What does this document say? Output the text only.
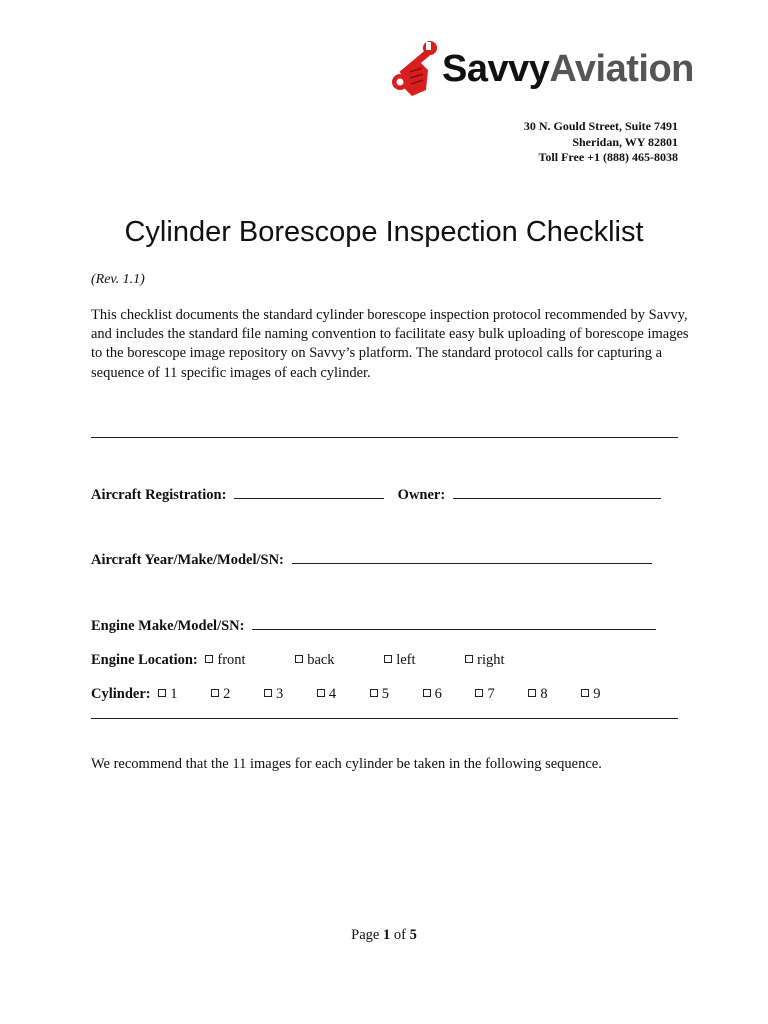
SavvyAviation
30 N. Gould Street, Suite 7491
Sheridan, WY 82801
Toll Free +1 (888) 465-8038
Cylinder Borescope Inspection Checklist
(Rev. 1.1)
This checklist documents the standard cylinder borescope inspection protocol recommended by Savvy, and includes the standard file naming convention to facilitate easy bulk uploading of borescope images to the borescope image repository on Savvy’s platform. The standard protocol calls for capturing a sequence of 11 specific images of each cylinder.
Aircraft Registration:	Owner:
Aircraft Year/Make/Model/SN:
Engine Make/Model/SN:
Engine Location: front	back	left	right
Cylinder: 1	2	3	4	5	6	7	8	9
We recommend that the 11 images for each cylinder be taken in the following sequence.
Page 1 of 5
